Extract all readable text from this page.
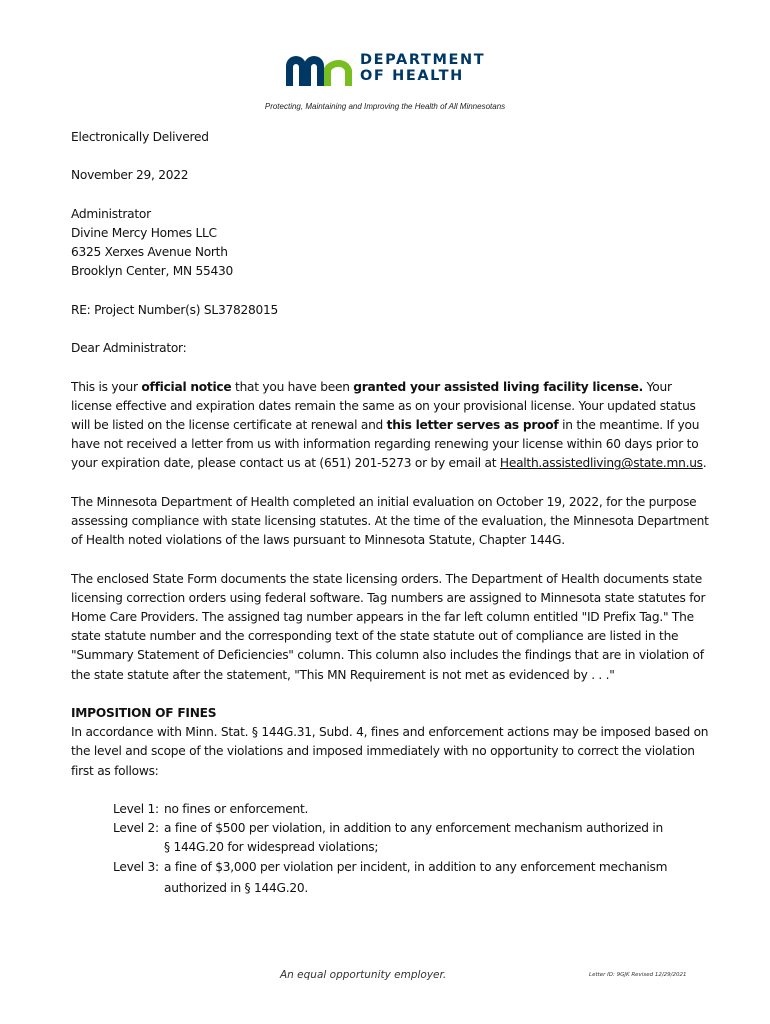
DEPARTMENT
OF HEALTH
Protecting, Maintaining and Improving the Health of All Minnesotans

Electronically Delivered

November 29, 2022

Administrator
Divine Mercy Homes LLC
6325 Xerxes Avenue North
Brooklyn Center, MN 55430

RE: Project Number(s) SL37828015

Dear Administrator:

This is your official notice that you have been granted your assisted living facility license. Your license effective and expiration dates remain the same as on your provisional license. Your updated status will be listed on the license certificate at renewal and this letter serves as proof in the meantime. If you have not received a letter from us with information regarding renewing your license within 60 days prior to your expiration date, please contact us at (651) 201-5273 or by email at Health.assistedliving@state.mn.us.

The Minnesota Department of Health completed an initial evaluation on October 19, 2022, for the purpose assessing compliance with state licensing statutes. At the time of the evaluation, the Minnesota Department of Health noted violations of the laws pursuant to Minnesota Statute, Chapter 144G.

The enclosed State Form documents the state licensing orders. The Department of Health documents state licensing correction orders using federal software. Tag numbers are assigned to Minnesota state statutes for Home Care Providers. The assigned tag number appears in the far left column entitled "ID Prefix Tag." The state statute number and the corresponding text of the state statute out of compliance are listed in the "Summary Statement of Deficiencies" column. This column also includes the findings that are in violation of the state statute after the statement, "This MN Requirement is not met as evidenced by . . ."

IMPOSITION OF FINES

In accordance with Minn. Stat. § 144G.31, Subd. 4, fines and enforcement actions may be imposed based on the level and scope of the violations and imposed immediately with no opportunity to correct the violation first as follows:

Level 1: no fines or enforcement.
Level 2: a fine of $500 per violation, in addition to any enforcement mechanism authorized in
§ 144G.20 for widespread violations;
Level 3: a fine of $3,000 per violation per incident, in addition to any enforcement mechanism
authorized in § 144G.20.
An equal opportunity employer.	Letter ID: 9GJK Revised 12/29/2021
